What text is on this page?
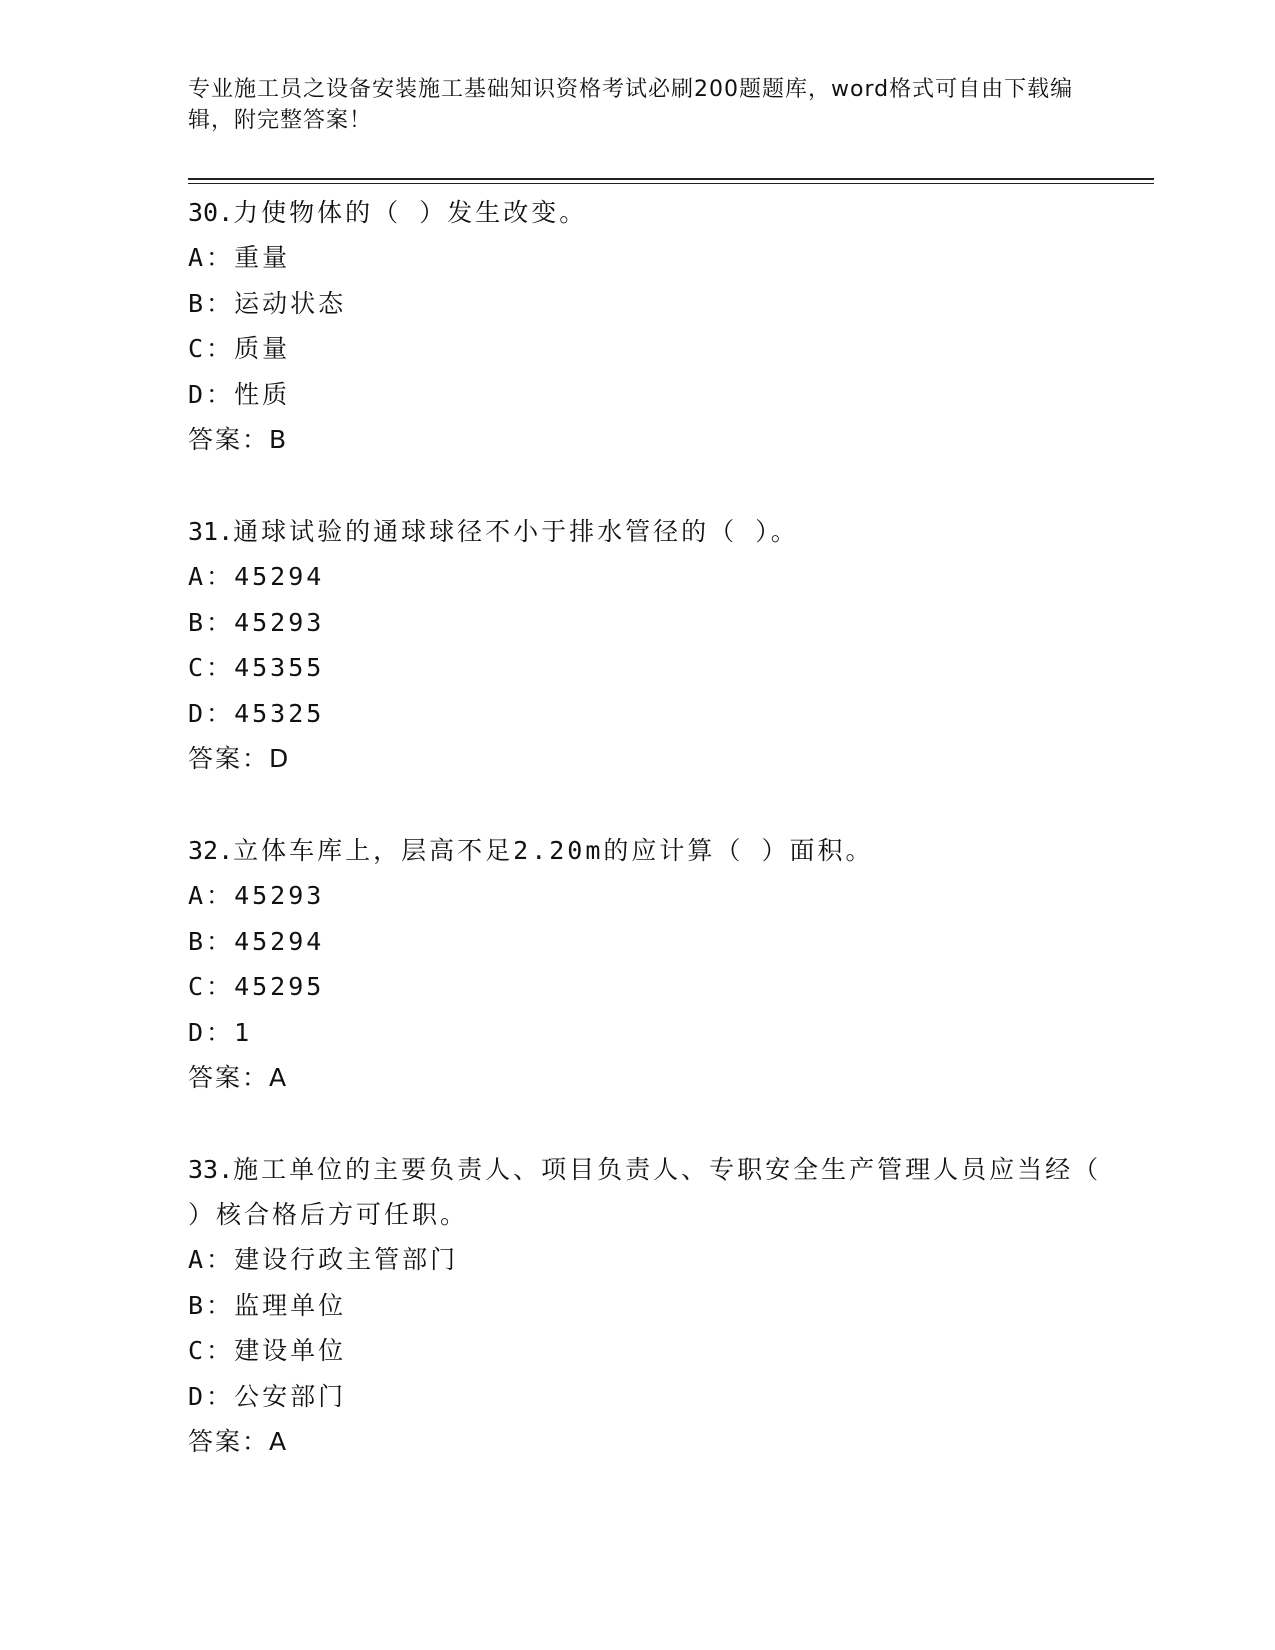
专业施工员之设备安装施工基础知识资格考试必刷200题题库，word格式可自由下载编辑，附完整答案！

30.力使物体的（ ）发生改变。

A：重量

B：运动状态

C：质量

D：性质

答案：B

31.通球试验的通球球径不小于排水管径的（ ）。

A：45294

B：45293

C：45355

D：45325

答案：D

32.立体车库上，层高不足2.20m的应计算（ ）面积。

A：45293

B：45294

C：45295

D：1

答案：A

33.施工单位的主要负责人、项目负责人、专职安全生产管理人员应当经（ ）核合格后方可任职。

A：建设行政主管部门

B：监理单位

C：建设单位

D：公安部门

答案：A
